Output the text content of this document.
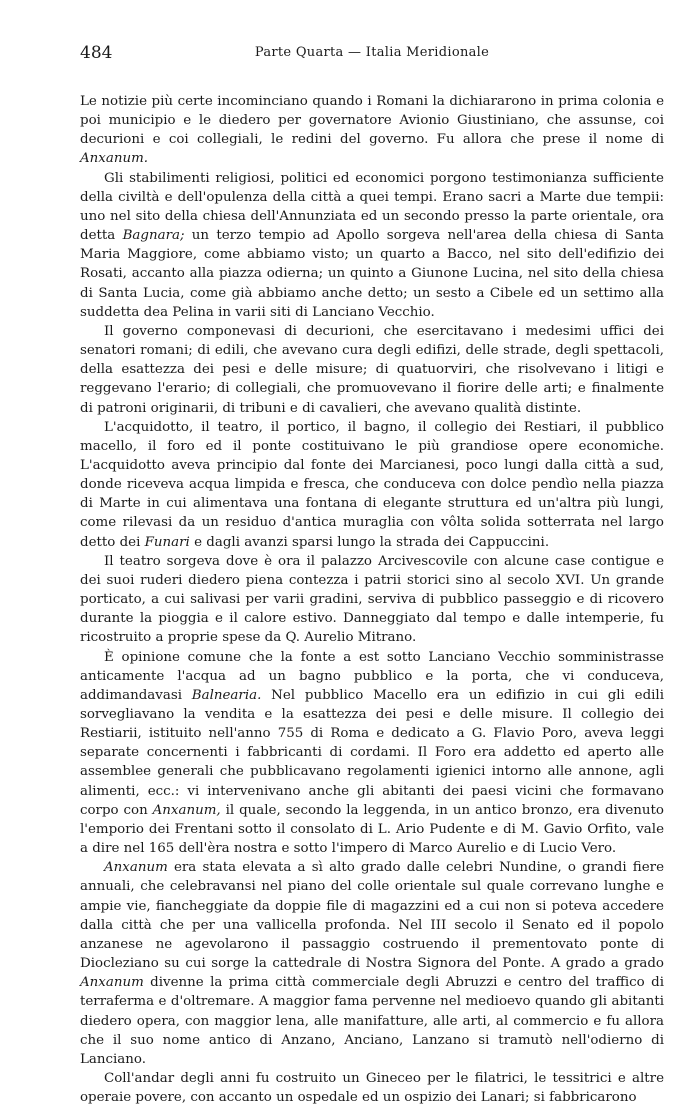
484	Parte Quarta — Italia Meridionale

Le notizie più certe incominciano quando i Romani la dichiararono in prima colonia e poi municipio e le diedero per governatore Avionio Giustiniano, che assunse, coi decurioni e coi collegiali, le redini del governo. Fu allora che prese il nome di Anxanum.

Gli stabilimenti religiosi, politici ed economici porgono testimonianza sufficiente della civiltà e dell'opulenza della città a quei tempi. Erano sacri a Marte due tempii: uno nel sito della chiesa dell'Annunziata ed un secondo presso la parte orientale, ora detta Bagnara; un terzo tempio ad Apollo sorgeva nell'area della chiesa di Santa Maria Maggiore, come abbiamo visto; un quarto a Bacco, nel sito dell'edifizio dei Rosati, accanto alla piazza odierna; un quinto a Giunone Lucina, nel sito della chiesa di Santa Lucia, come già abbiamo anche detto; un sesto a Cibele ed un settimo alla suddetta dea Pelina in varii siti di Lanciano Vecchio.

Il governo componevasi di decurioni, che esercitavano i medesimi uffici dei senatori romani; di edili, che avevano cura degli edifizi, delle strade, degli spettacoli, della esattezza dei pesi e delle misure; di quatuorviri, che risolvevano i litigi e reggevano l'erario; di collegiali, che promuovevano il fiorire delle arti; e finalmente di patroni originarii, di tribuni e di cavalieri, che avevano qualità distinte.

L'acquidotto, il teatro, il portico, il bagno, il collegio dei Restiari, il pubblico macello, il foro ed il ponte costituivano le più grandiose opere economiche. L'acquidotto aveva principio dal fonte dei Marcianesi, poco lungi dalla città a sud, donde riceveva acqua limpida e fresca, che conduceva con dolce pendìo nella piazza di Marte in cui alimentava una fontana di elegante struttura ed un'altra più lungi, come rilevasi da un residuo d'antica muraglia con vôlta solida sotterrata nel largo detto dei Funari e dagli avanzi sparsi lungo la strada dei Cappuccini.

Il teatro sorgeva dove è ora il palazzo Arcivescovile con alcune case contigue e dei suoi ruderi diedero piena contezza i patrii storici sino al secolo XVI. Un grande porticato, a cui salivasi per varii gradini, serviva di pubblico passeggio e di ricovero durante la pioggia e il calore estivo. Danneggiato dal tempo e dalle intemperie, fu ricostruito a proprie spese da Q. Aurelio Mitrano.

È opinione comune che la fonte a est sotto Lanciano Vecchio somministrasse anticamente l'acqua ad un bagno pubblico e la porta, che vi conduceva, addimandavasi Balnearia. Nel pubblico Macello era un edifizio in cui gli edili sorvegliavano la vendita e la esattezza dei pesi e delle misure. Il collegio dei Restiarii, istituito nell'anno 755 di Roma e dedicato a G. Flavio Poro, aveva leggi separate concernenti i fabbricanti di cordami. Il Foro era addetto ed aperto alle assemblee generali che pubblicavano regolamenti igienici intorno alle annone, agli alimenti, ecc.: vi intervenivano anche gli abitanti dei paesi vicini che formavano corpo con Anxanum, il quale, secondo la leggenda, in un antico bronzo, era divenuto l'emporio dei Frentani sotto il consolato di L. Ario Pudente e di M. Gavio Orfito, vale a dire nel 165 dell'èra nostra e sotto l'impero di Marco Aurelio e di Lucio Vero.

Anxanum era stata elevata a sì alto grado dalle celebri Nundine, o grandi fiere annuali, che celebravansi nel piano del colle orientale sul quale correvano lunghe e ampie vie, fiancheggiate da doppie file di magazzini ed a cui non si poteva accedere dalla città che per una vallicella profonda. Nel III secolo il Senato ed il popolo anzanese ne agevolarono il passaggio costruendo il prementovato ponte di Diocleziano su cui sorge la cattedrale di Nostra Signora del Ponte. A grado a grado Anxanum divenne la prima città commerciale degli Abruzzi e centro del traffico di terraferma e d'oltremare. A maggior fama pervenne nel medioevo quando gli abitanti diedero opera, con maggior lena, alle manifatture, alle arti, al commercio e fu allora che il suo nome antico di Anzano, Anciano, Lanzano si tramutò nell'odierno di Lanciano.

Coll'andar degli anni fu costruito un Gineceo per le filatrici, le tessitrici e altre operaie povere, con accanto un ospedale ed un ospizio dei Lanari; si fabbricarono
